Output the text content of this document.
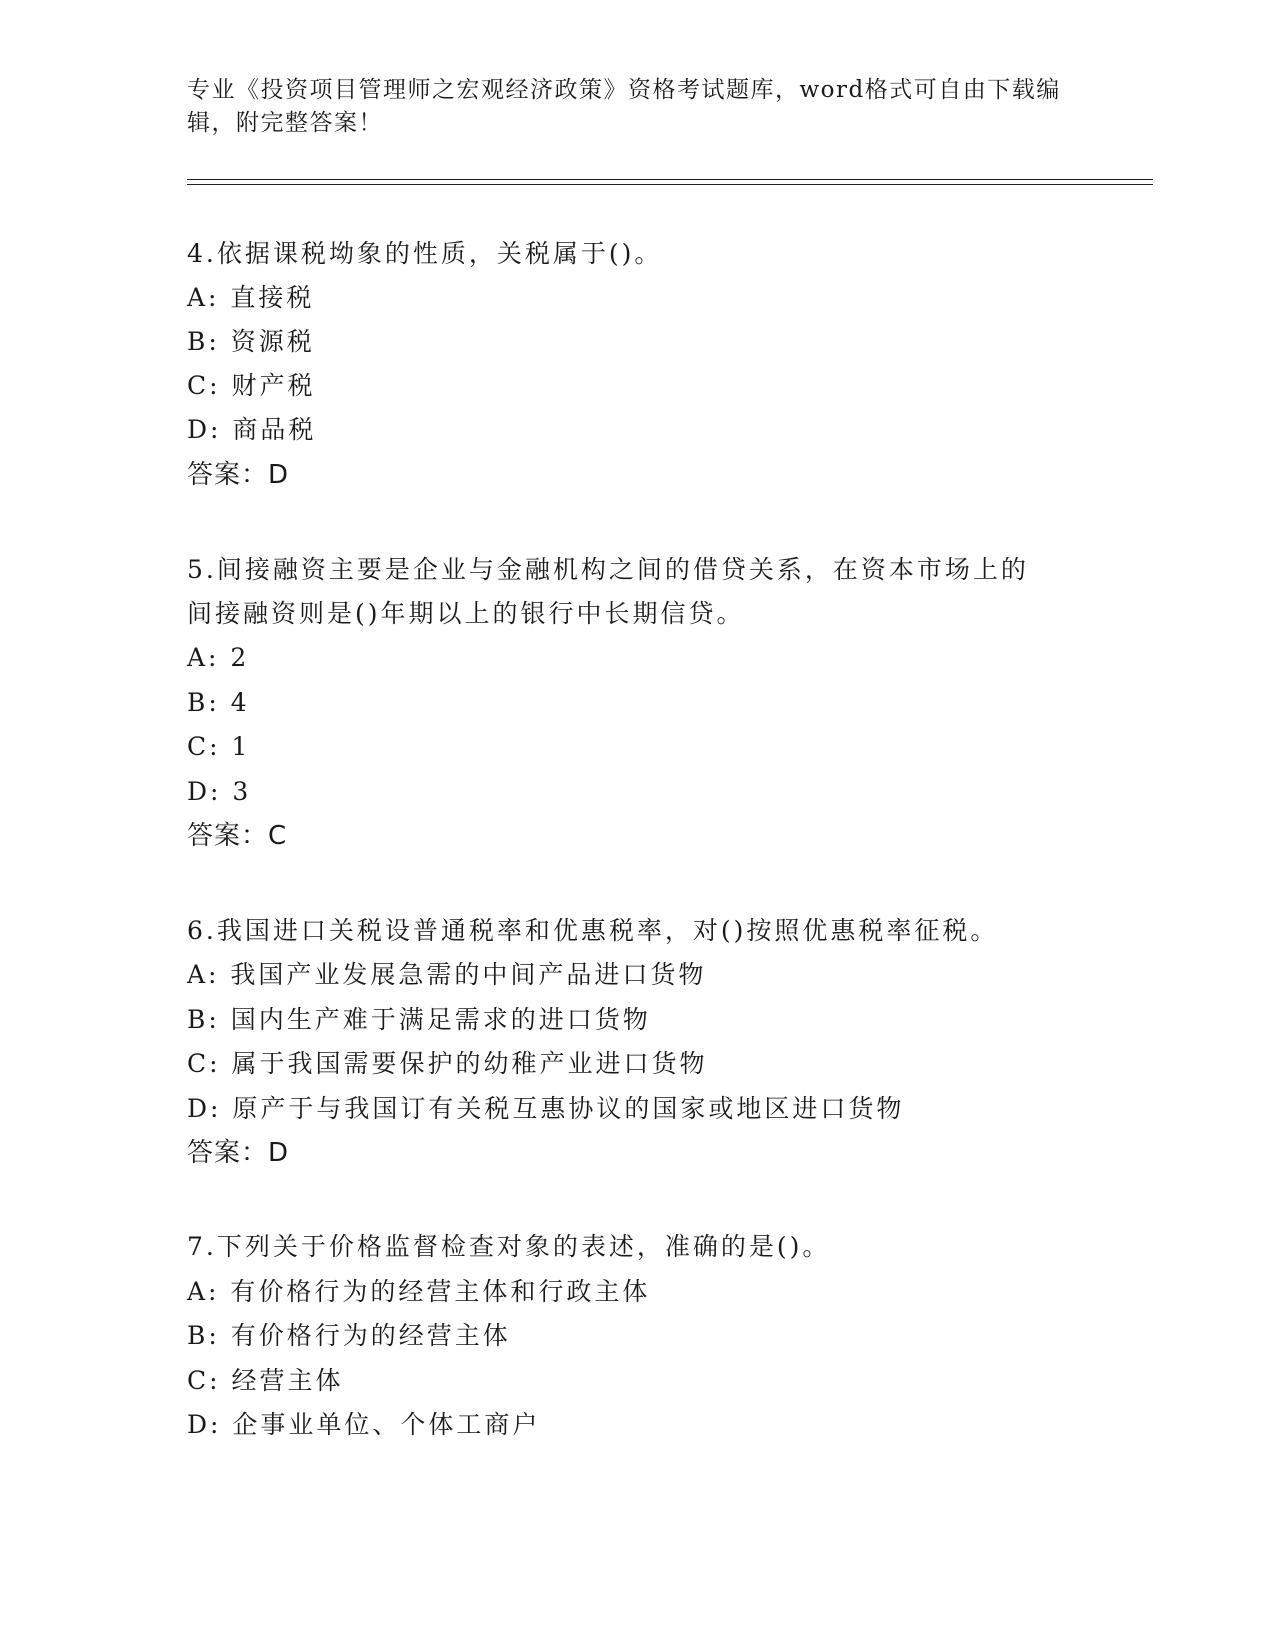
专业《投资项目管理师之宏观经济政策》资格考试题库，word格式可自由下载编
辑，附完整答案！
4.依据课税坳象的性质，关税属于()。
A: 直接税
B: 资源税
C: 财产税
D: 商品税
答案：D
5.间接融资主要是企业与金融机构之间的借贷关系，在资本市场上的
间接融资则是()年期以上的银行中长期信贷。
A: 2
B: 4
C: 1
D: 3
答案：C
6.我国进口关税设普通税率和优惠税率，对()按照优惠税率征税。
A: 我国产业发展急需的中间产品进口货物
B: 国内生产难于满足需求的进口货物
C: 属于我国需要保护的幼稚产业进口货物
D: 原产于与我国订有关税互惠协议的国家或地区进口货物
答案：D
7.下列关于价格监督检查对象的表述，准确的是()。
A: 有价格行为的经营主体和行政主体
B: 有价格行为的经营主体
C: 经营主体
D: 企事业单位、个体工商户
